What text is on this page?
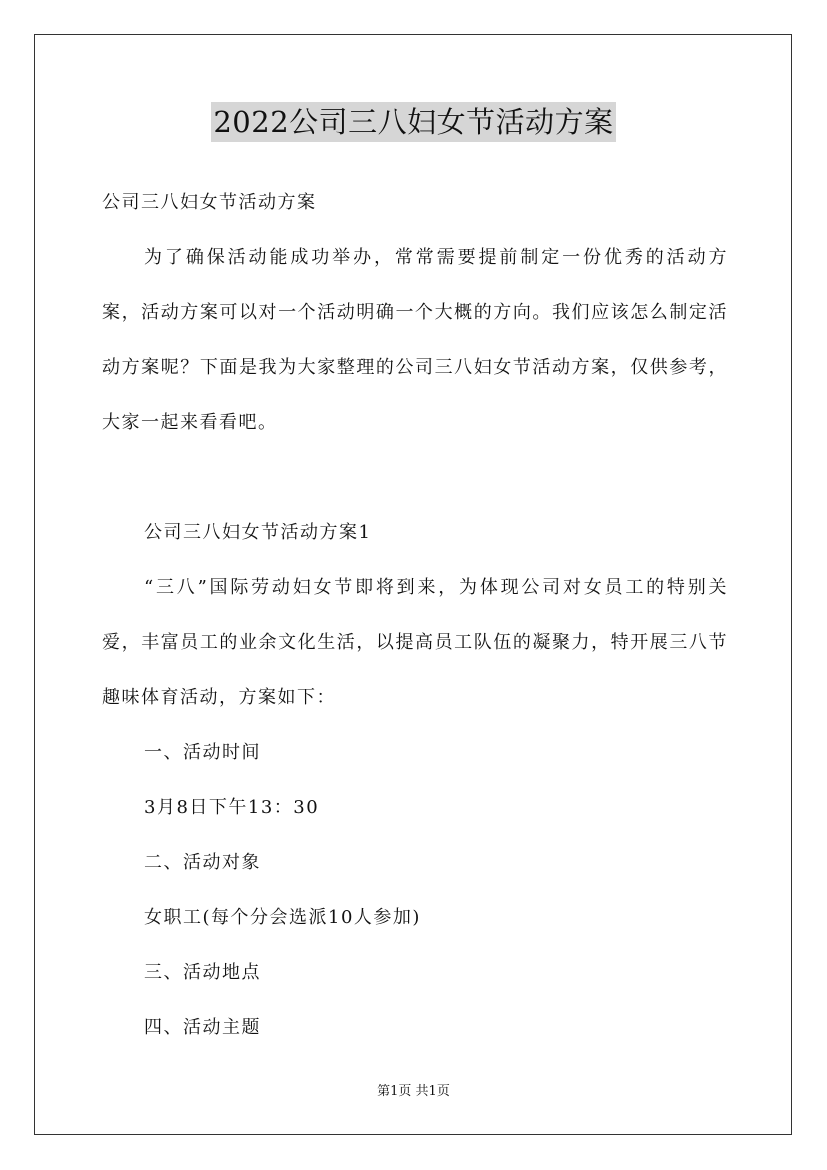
2022公司三八妇女节活动方案

公司三八妇女节活动方案

为了确保活动能成功举办，常常需要提前制定一份优秀的活动方案，活动方案可以对一个活动明确一个大概的方向。我们应该怎么制定活动方案呢？下面是我为大家整理的公司三八妇女节活动方案，仅供参考，大家一起来看看吧。

公司三八妇女节活动方案1

“三八”国际劳动妇女节即将到来，为体现公司对女员工的特别关爱，丰富员工的业余文化生活，以提高员工队伍的凝聚力，特开展三八节趣味体育活动，方案如下：

一、活动时间

3月8日下午13：30

二、活动对象

女职工(每个分会选派10人参加)

三、活动地点

四、活动主题

第1页 共1页
